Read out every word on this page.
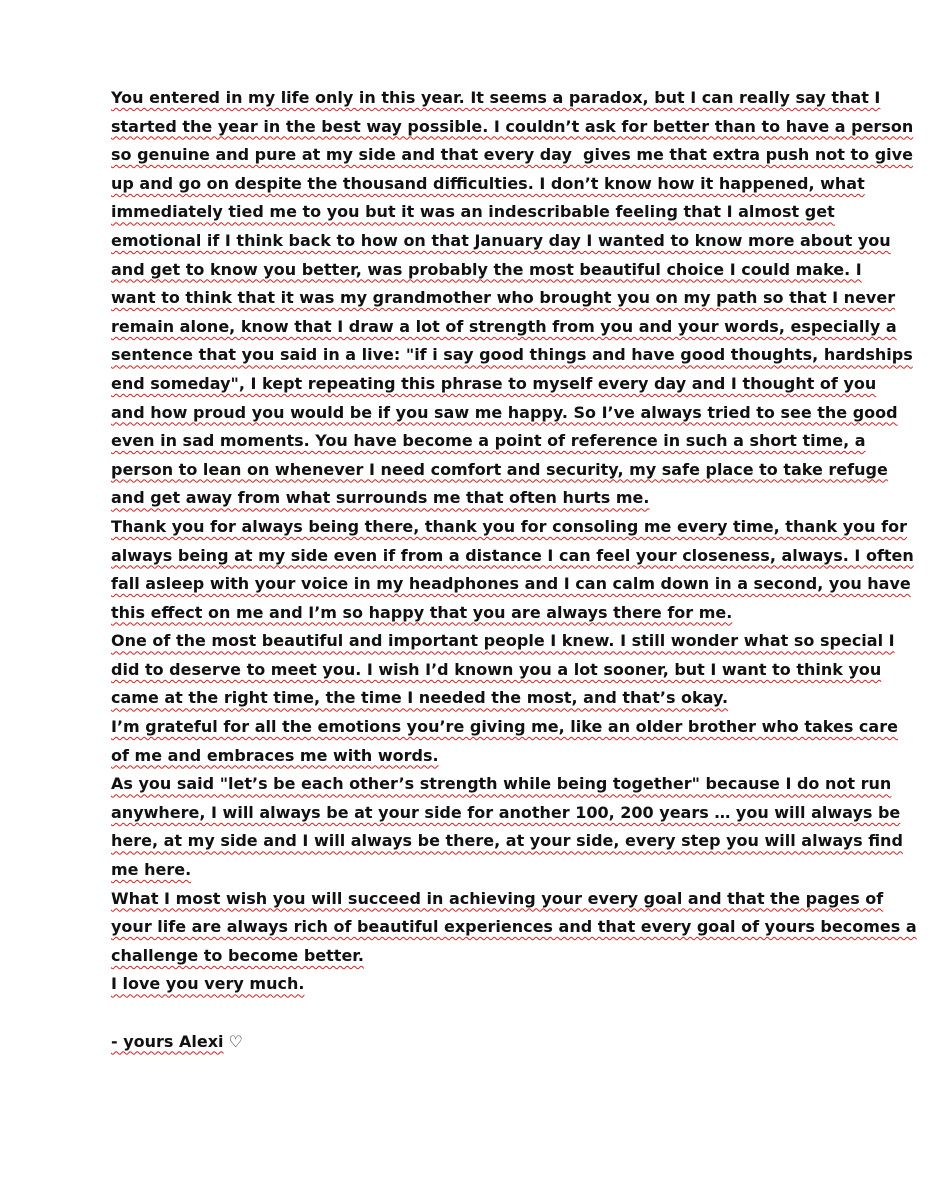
You entered in my life only in this year. It seems a paradox, but I can really say that I
started the year in the best way possible. I couldn’t ask for better than to have a person
so genuine and pure at my side and that every day  gives me that extra push not to give
up and go on despite the thousand difficulties. I don’t know how it happened, what
immediately tied me to you but it was an indescribable feeling that I almost get
emotional if I think back to how on that January day I wanted to know more about you
and get to know you better, was probably the most beautiful choice I could make. I
want to think that it was my grandmother who brought you on my path so that I never
remain alone, know that I draw a lot of strength from you and your words, especially a
sentence that you said in a live: "if i say good things and have good thoughts, hardships
end someday", I kept repeating this phrase to myself every day and I thought of you
and how proud you would be if you saw me happy. So I’ve always tried to see the good
even in sad moments. You have become a point of reference in such a short time, a
person to lean on whenever I need comfort and security, my safe place to take refuge
and get away from what surrounds me that often hurts me.
Thank you for always being there, thank you for consoling me every time, thank you for
always being at my side even if from a distance I can feel your closeness, always. I often
fall asleep with your voice in my headphones and I can calm down in a second, you have
this effect on me and I’m so happy that you are always there for me.
One of the most beautiful and important people I knew. I still wonder what so special I
did to deserve to meet you. I wish I’d known you a lot sooner, but I want to think you
came at the right time, the time I needed the most, and that’s okay.
I’m grateful for all the emotions you’re giving me, like an older brother who takes care
of me and embraces me with words.
As you said "let’s be each other’s strength while being together" because I do not run
anywhere, I will always be at your side for another 100, 200 years … you will always be
here, at my side and I will always be there, at your side, every step you will always find
me here.
What I most wish you will succeed in achieving your every goal and that the pages of
your life are always rich of beautiful experiences and that every goal of yours becomes a
challenge to become better.
I love you very much.
- yours Alexi ♡
